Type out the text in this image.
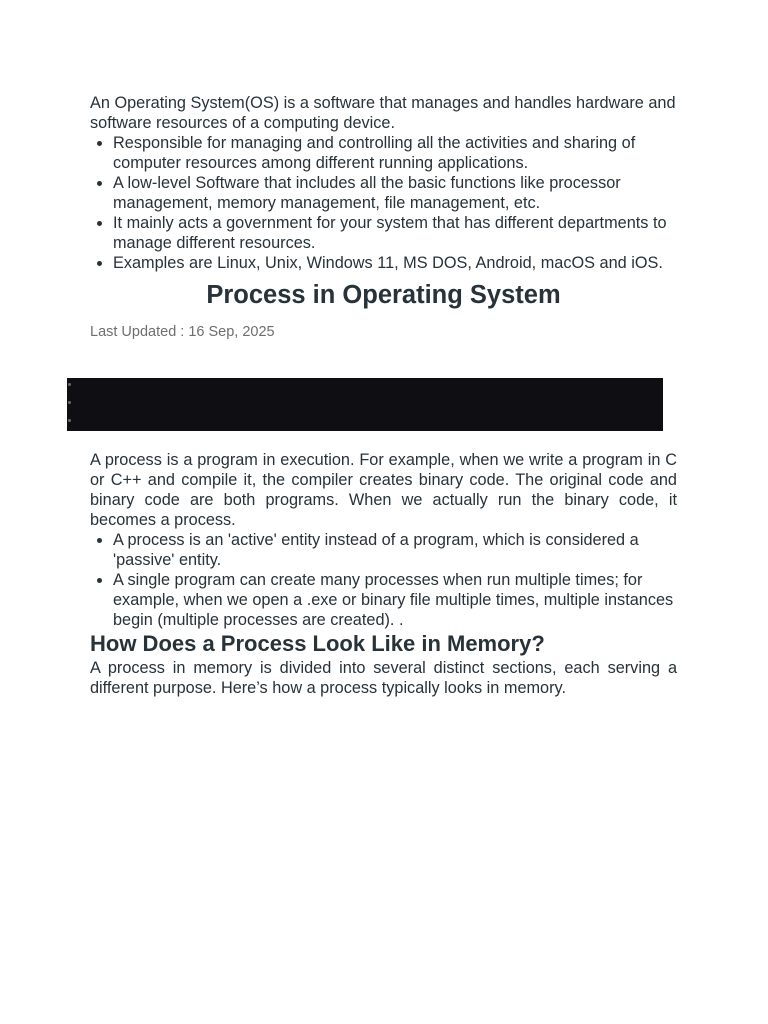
An Operating System(OS) is a software that manages and handles hardware and software resources of a computing device.

• Responsible for managing and controlling all the activities and sharing of computer resources among different running applications.
• A low-level Software that includes all the basic functions like processor management, memory management, file management, etc.
• It mainly acts a government for your system that has different departments to manage different resources.
• Examples are Linux, Unix, Windows 11, MS DOS, Android, macOS and iOS.
Process in Operating System
Last Updated : 16 Sep, 2025

A process is a program in execution. For example, when we write a program in C or C++ and compile it, the compiler creates binary code. The original code and binary code are both programs. When we actually run the binary code, it becomes a process.

• A process is an 'active' entity instead of a program, which is considered a 'passive' entity.
• A single program can create many processes when run multiple times; for example, when we open a .exe or binary file multiple times, multiple instances begin (multiple processes are created). .
How Does a Process Look Like in Memory?

A process in memory is divided into several distinct sections, each serving a different purpose. Here’s how a process typically looks in memory.
